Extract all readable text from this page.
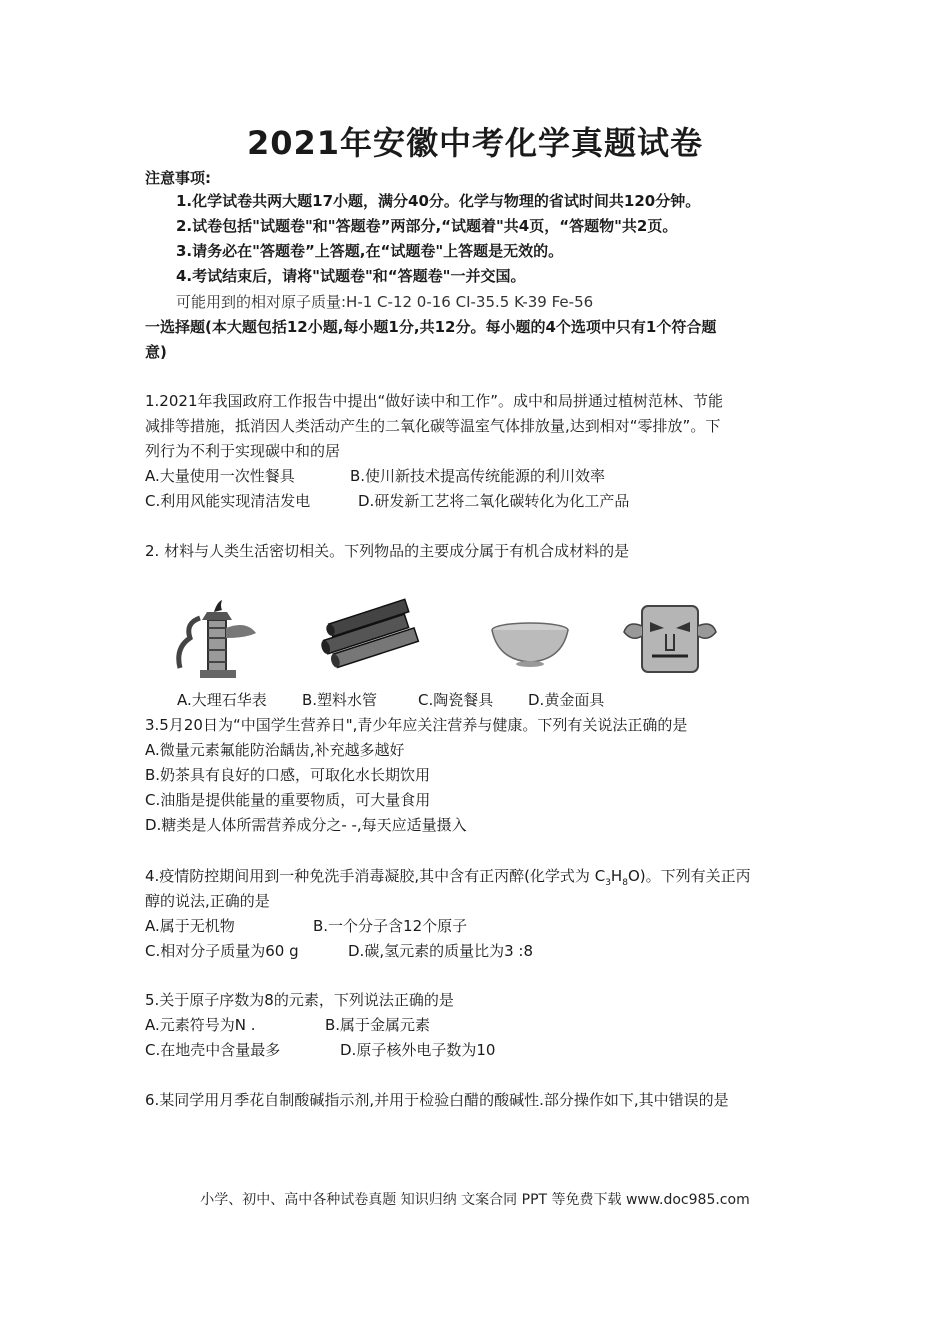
2021年安徽中考化学真题试卷
注意事项:
1.化学试卷共两大题17小题，满分40分。化学与物理的省试时间共120分钟。
2.试卷包括"试题卷"和"答题卷”两部分,“试题着"共4页，“答题物"共2页。
3.请务必在"答题卷”上答题,在“试题卷"上答题是无效的。
4.考试结束后，请将"试题卷"和“答题卷"一并交国。
可能用到的相对原子质量:H-1 C-12 0-16 CI-35.5 K-39 Fe-56
一选择题(本大题包括12小题,每小题1分,共12分。每小题的4个选项中只有1个符合题
意)
1.2021年我国政府工作报告中提出“做好读中和工作”。成中和局拼通过植树范林、节能
减排等措施，抵消因人类活动产生的二氧化碳等温室气体排放量,达到相对“零排放”。下
列行为不利于实现碳中和的居
A.大量使用一次性餐具	B.使川新技术提高传统能源的利川效率
C.利用风能实现清洁发电	D.研发新工艺将二氧化碳转化为化工产品
2. 材料与人类生活密切相关。下列物品的主要成分属于有机合成材料的是
A.大理石华表 B.塑料水管	C.陶瓷餐具 D.黄金面具
3.5月20日为“中国学生营养日",青少年应关注营养与健康。下列有关说法正确的是
A.微量元素氟能防治龋齿,补充越多越好
B.奶茶具有良好的口感，可取化水长期饮用
C.油脂是提供能量的重要物质，可大量食用
D.糖类是人体所需营养成分之- -,每天应适量摄入
4.疫情防控期间用到一种免洗手消毒凝胶,其中含有正丙醉(化学式为 $C_3H_8O$)。下列有关正丙
醇的说法,正确的是
A.属于无机物	B.一个分子含12个原子
C.相对分子质量为60 g	D.碳,氢元素的质量比为3 :8
5.关于原子序数为8的元素，下列说法正确的是
A.元素符号为N .	B.属于金属元素
C.在地壳中含量最多	D.原子核外电子数为10
6.某同学用月季花自制酸碱指示剂,并用于检验白醋的酸碱性.部分操作如下,其中错误的是
小学、初中、高中各种试卷真题 知识归纳 文案合同 PPT 等免费下载 www.doc985.com
